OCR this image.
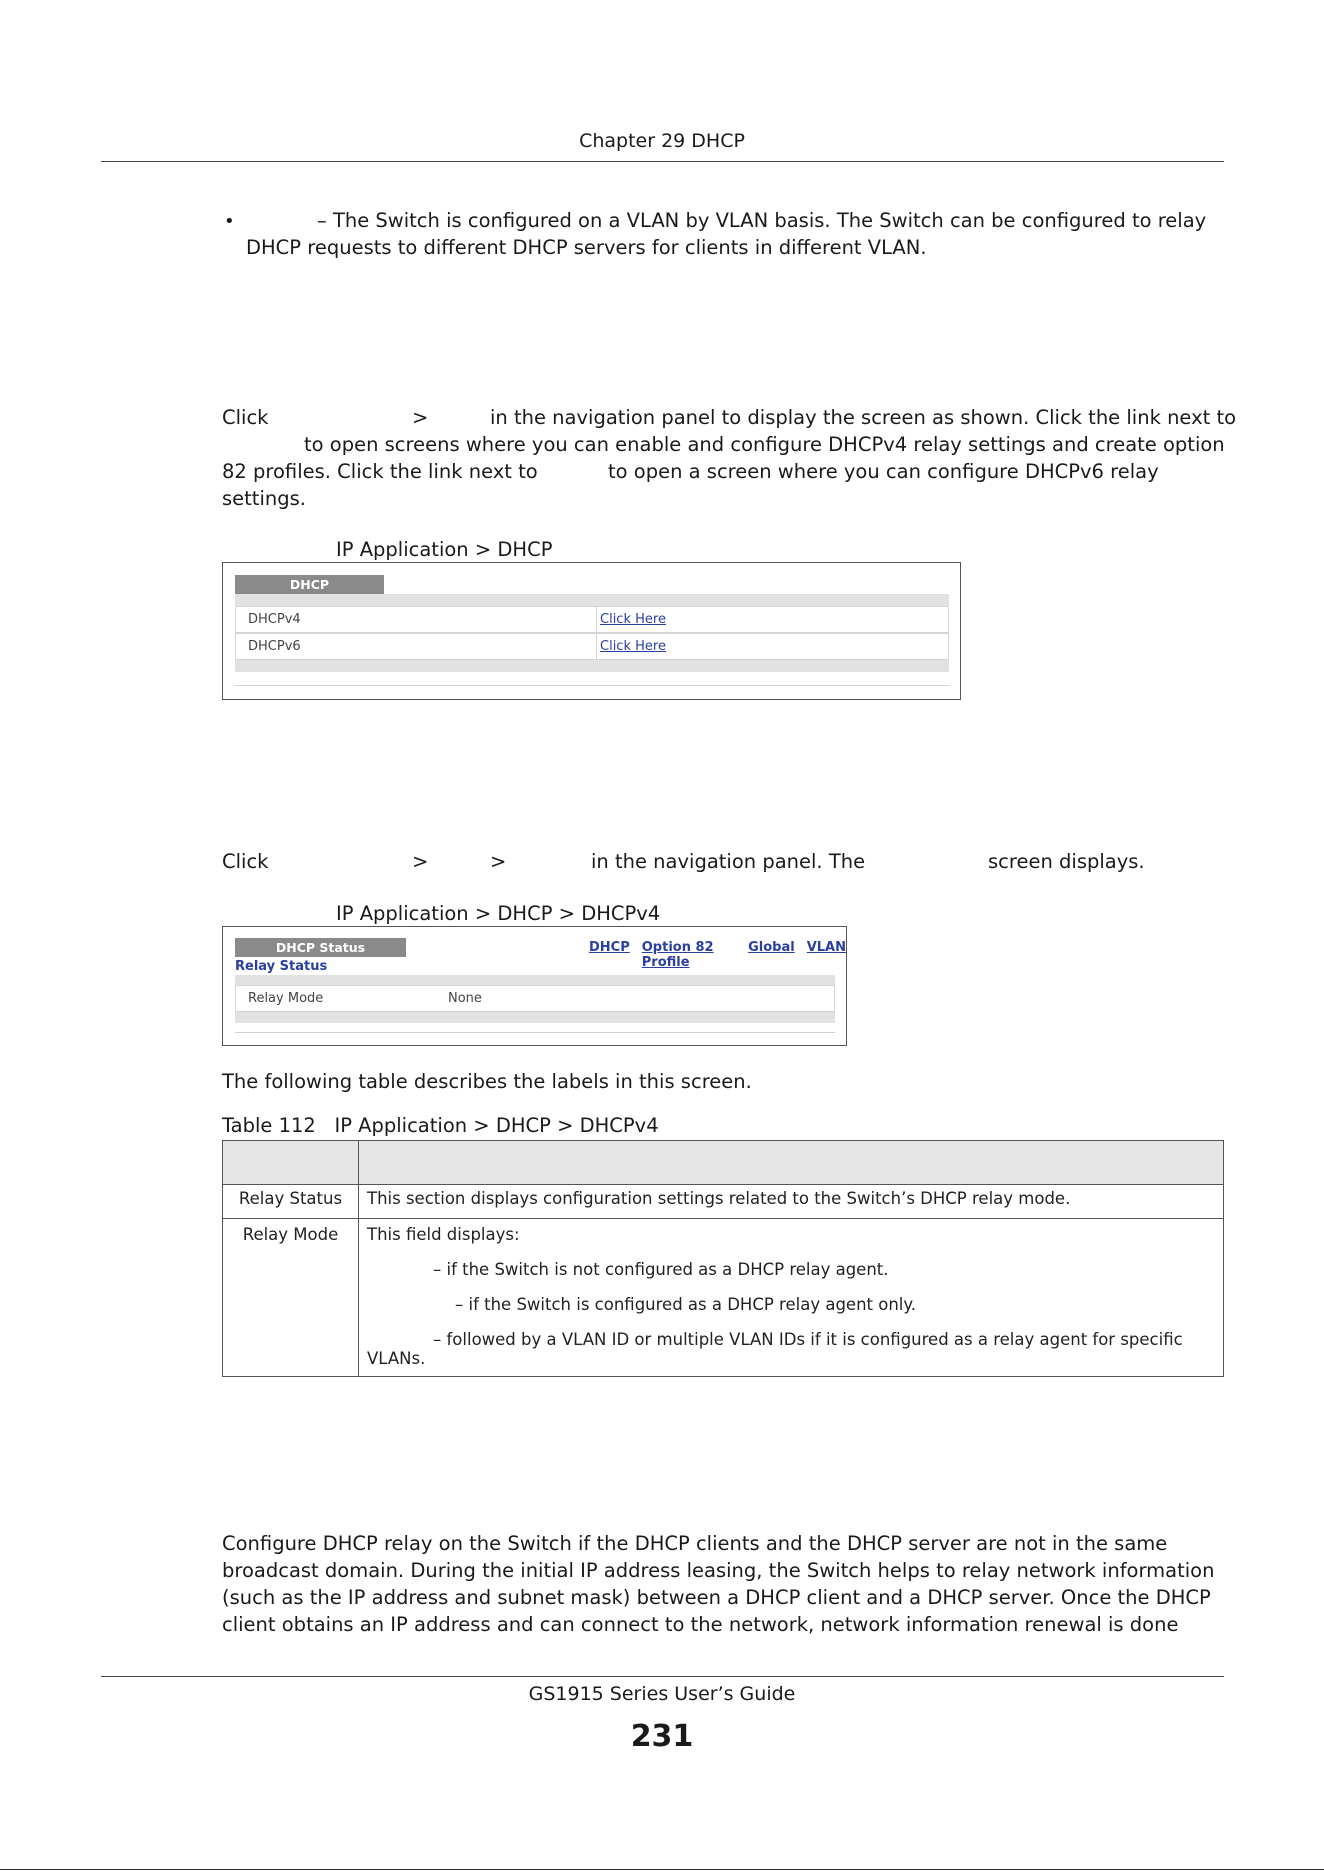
Chapter 29 DHCP
•	– The Switch is configured on a VLAN by VLAN basis. The Switch can be configured to relay
DHCP requests to different DHCP servers for clients in different VLAN.
Click	>	in the navigation panel to display the screen as shown. Click the link next to
to open screens where you can enable and configure DHCPv4 relay settings and create option
82 profiles. Click the link next to	to open a screen where you can configure DHCPv6 relay
settings.
IP Application > DHCP
DHCP
DHCPv4	Click Here
DHCPv6	Click Here
Click	>	>	in the navigation panel. The	screen displays.
IP Application > DHCP > DHCPv4
DHCP Status	DHCP Option 82 Profile
Global VLAN
Relay Status
Relay Mode	None
The following table describes the labels in this screen.
Table 112   IP Application > DHCP > DHCPv4

Relay Status	This section displays configuration settings related to the Switch’s DHCP relay mode.
Relay Mode	This field displays:
– if the Switch is not configured as a DHCP relay agent.
– if the Switch is configured as a DHCP relay agent only.
– followed by a VLAN ID or multiple VLAN IDs if it is configured as a relay agent for specific
VLANs.
Configure DHCP relay on the Switch if the DHCP clients and the DHCP server are not in the same
broadcast domain. During the initial IP address leasing, the Switch helps to relay network information
(such as the IP address and subnet mask) between a DHCP client and a DHCP server. Once the DHCP
client obtains an IP address and can connect to the network, network information renewal is done
GS1915 Series User’s Guide
231
